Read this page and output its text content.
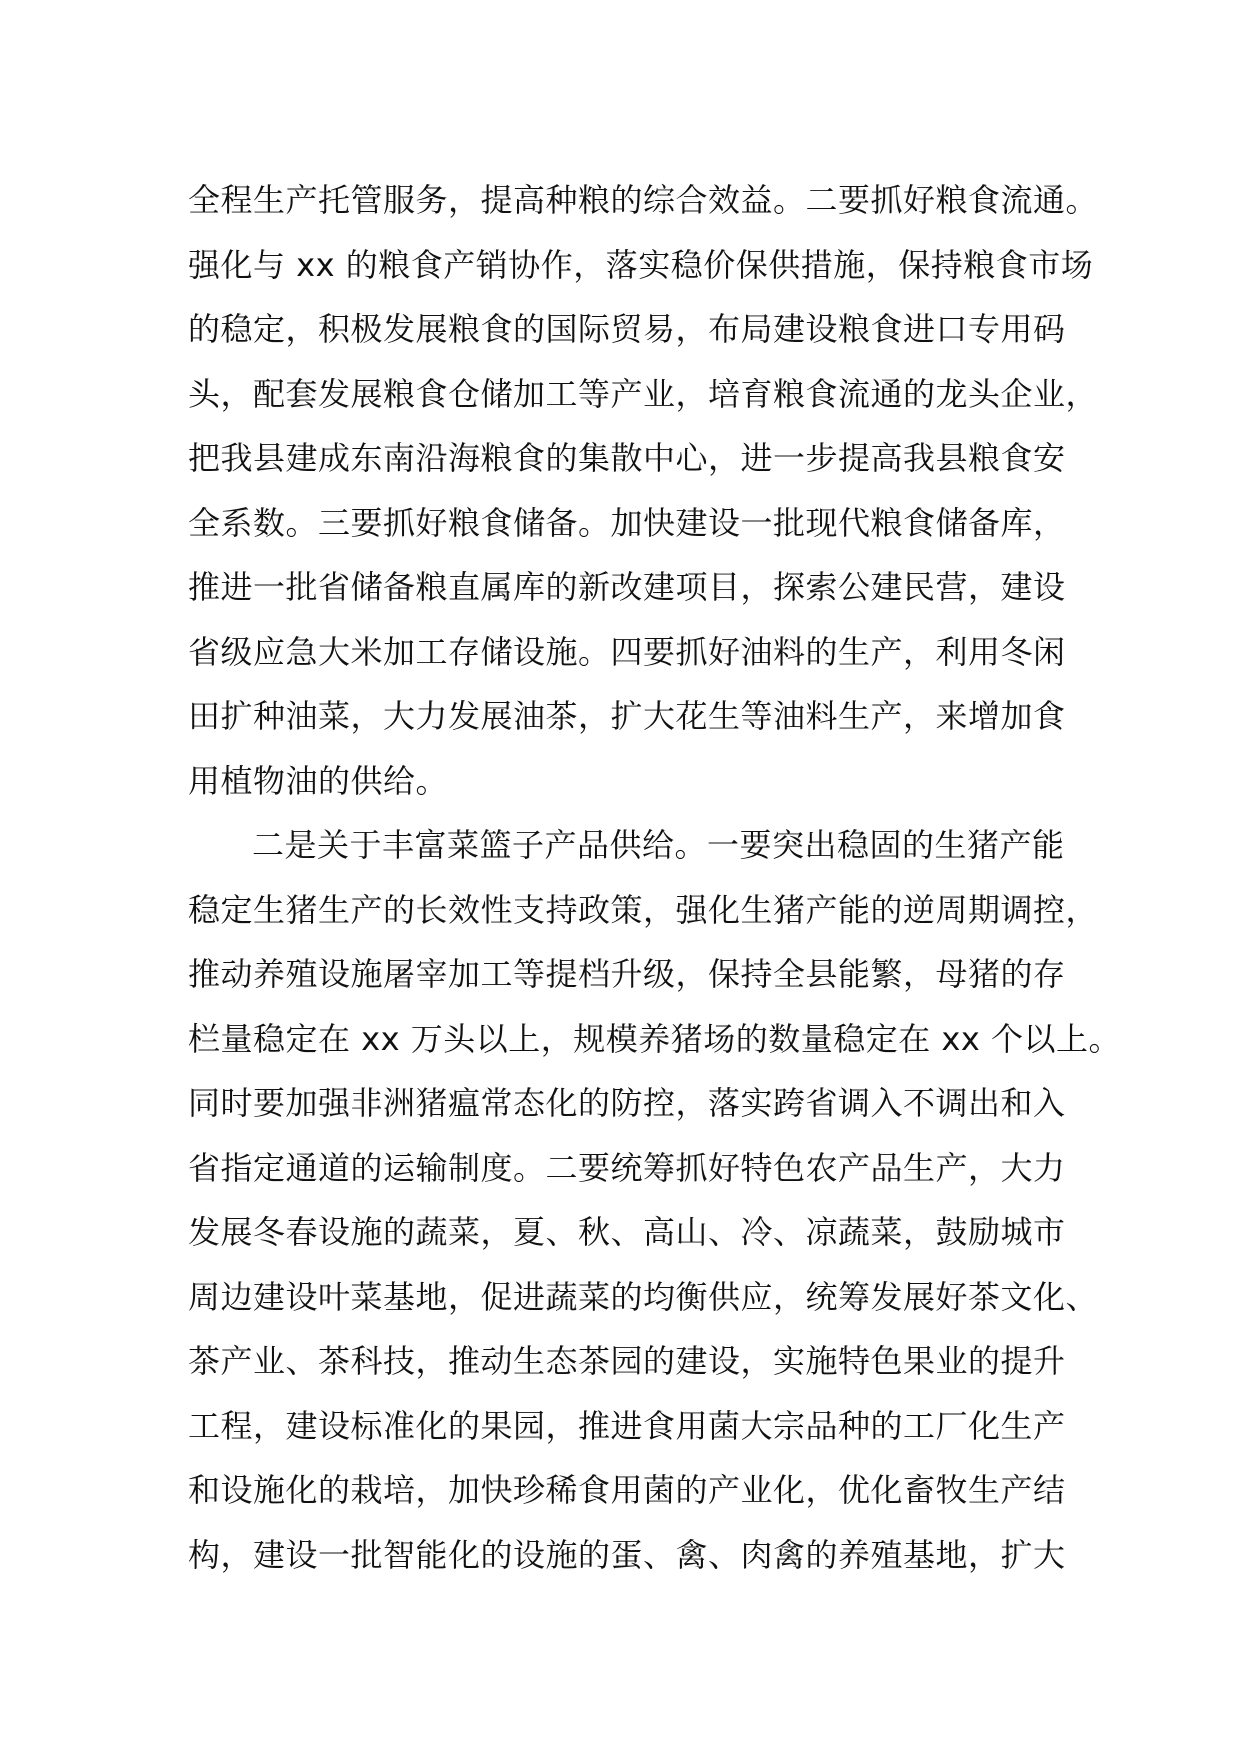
全程生产托管服务，提高种粮的综合效益。二要抓好粮食流通。
强化与 xx 的粮食产销协作，落实稳价保供措施，保持粮食市场
的稳定，积极发展粮食的国际贸易，布局建设粮食进口专用码
头，配套发展粮食仓储加工等产业，培育粮食流通的龙头企业，
把我县建成东南沿海粮食的集散中心，进一步提高我县粮食安
全系数。三要抓好粮食储备。加快建设一批现代粮食储备库，
推进一批省储备粮直属库的新改建项目，探索公建民营，建设
省级应急大米加工存储设施。四要抓好油料的生产，利用冬闲
田扩种油菜，大力发展油茶，扩大花生等油料生产，来增加食
用植物油的供给。
二是关于丰富菜篮子产品供给。一要突出稳固的生猪产能
稳定生猪生产的长效性支持政策，强化生猪产能的逆周期调控，
推动养殖设施屠宰加工等提档升级，保持全县能繁，母猪的存
栏量稳定在 xx 万头以上，规模养猪场的数量稳定在 xx 个以上。
同时要加强非洲猪瘟常态化的防控，落实跨省调入不调出和入
省指定通道的运输制度。二要统筹抓好特色农产品生产，大力
发展冬春设施的蔬菜，夏、秋、高山、冷、凉蔬菜，鼓励城市
周边建设叶菜基地，促进蔬菜的均衡供应，统筹发展好茶文化、
茶产业、茶科技，推动生态茶园的建设，实施特色果业的提升
工程，建设标准化的果园，推进食用菌大宗品种的工厂化生产
和设施化的栽培，加快珍稀食用菌的产业化，优化畜牧生产结
构，建设一批智能化的设施的蛋、禽、肉禽的养殖基地，扩大
